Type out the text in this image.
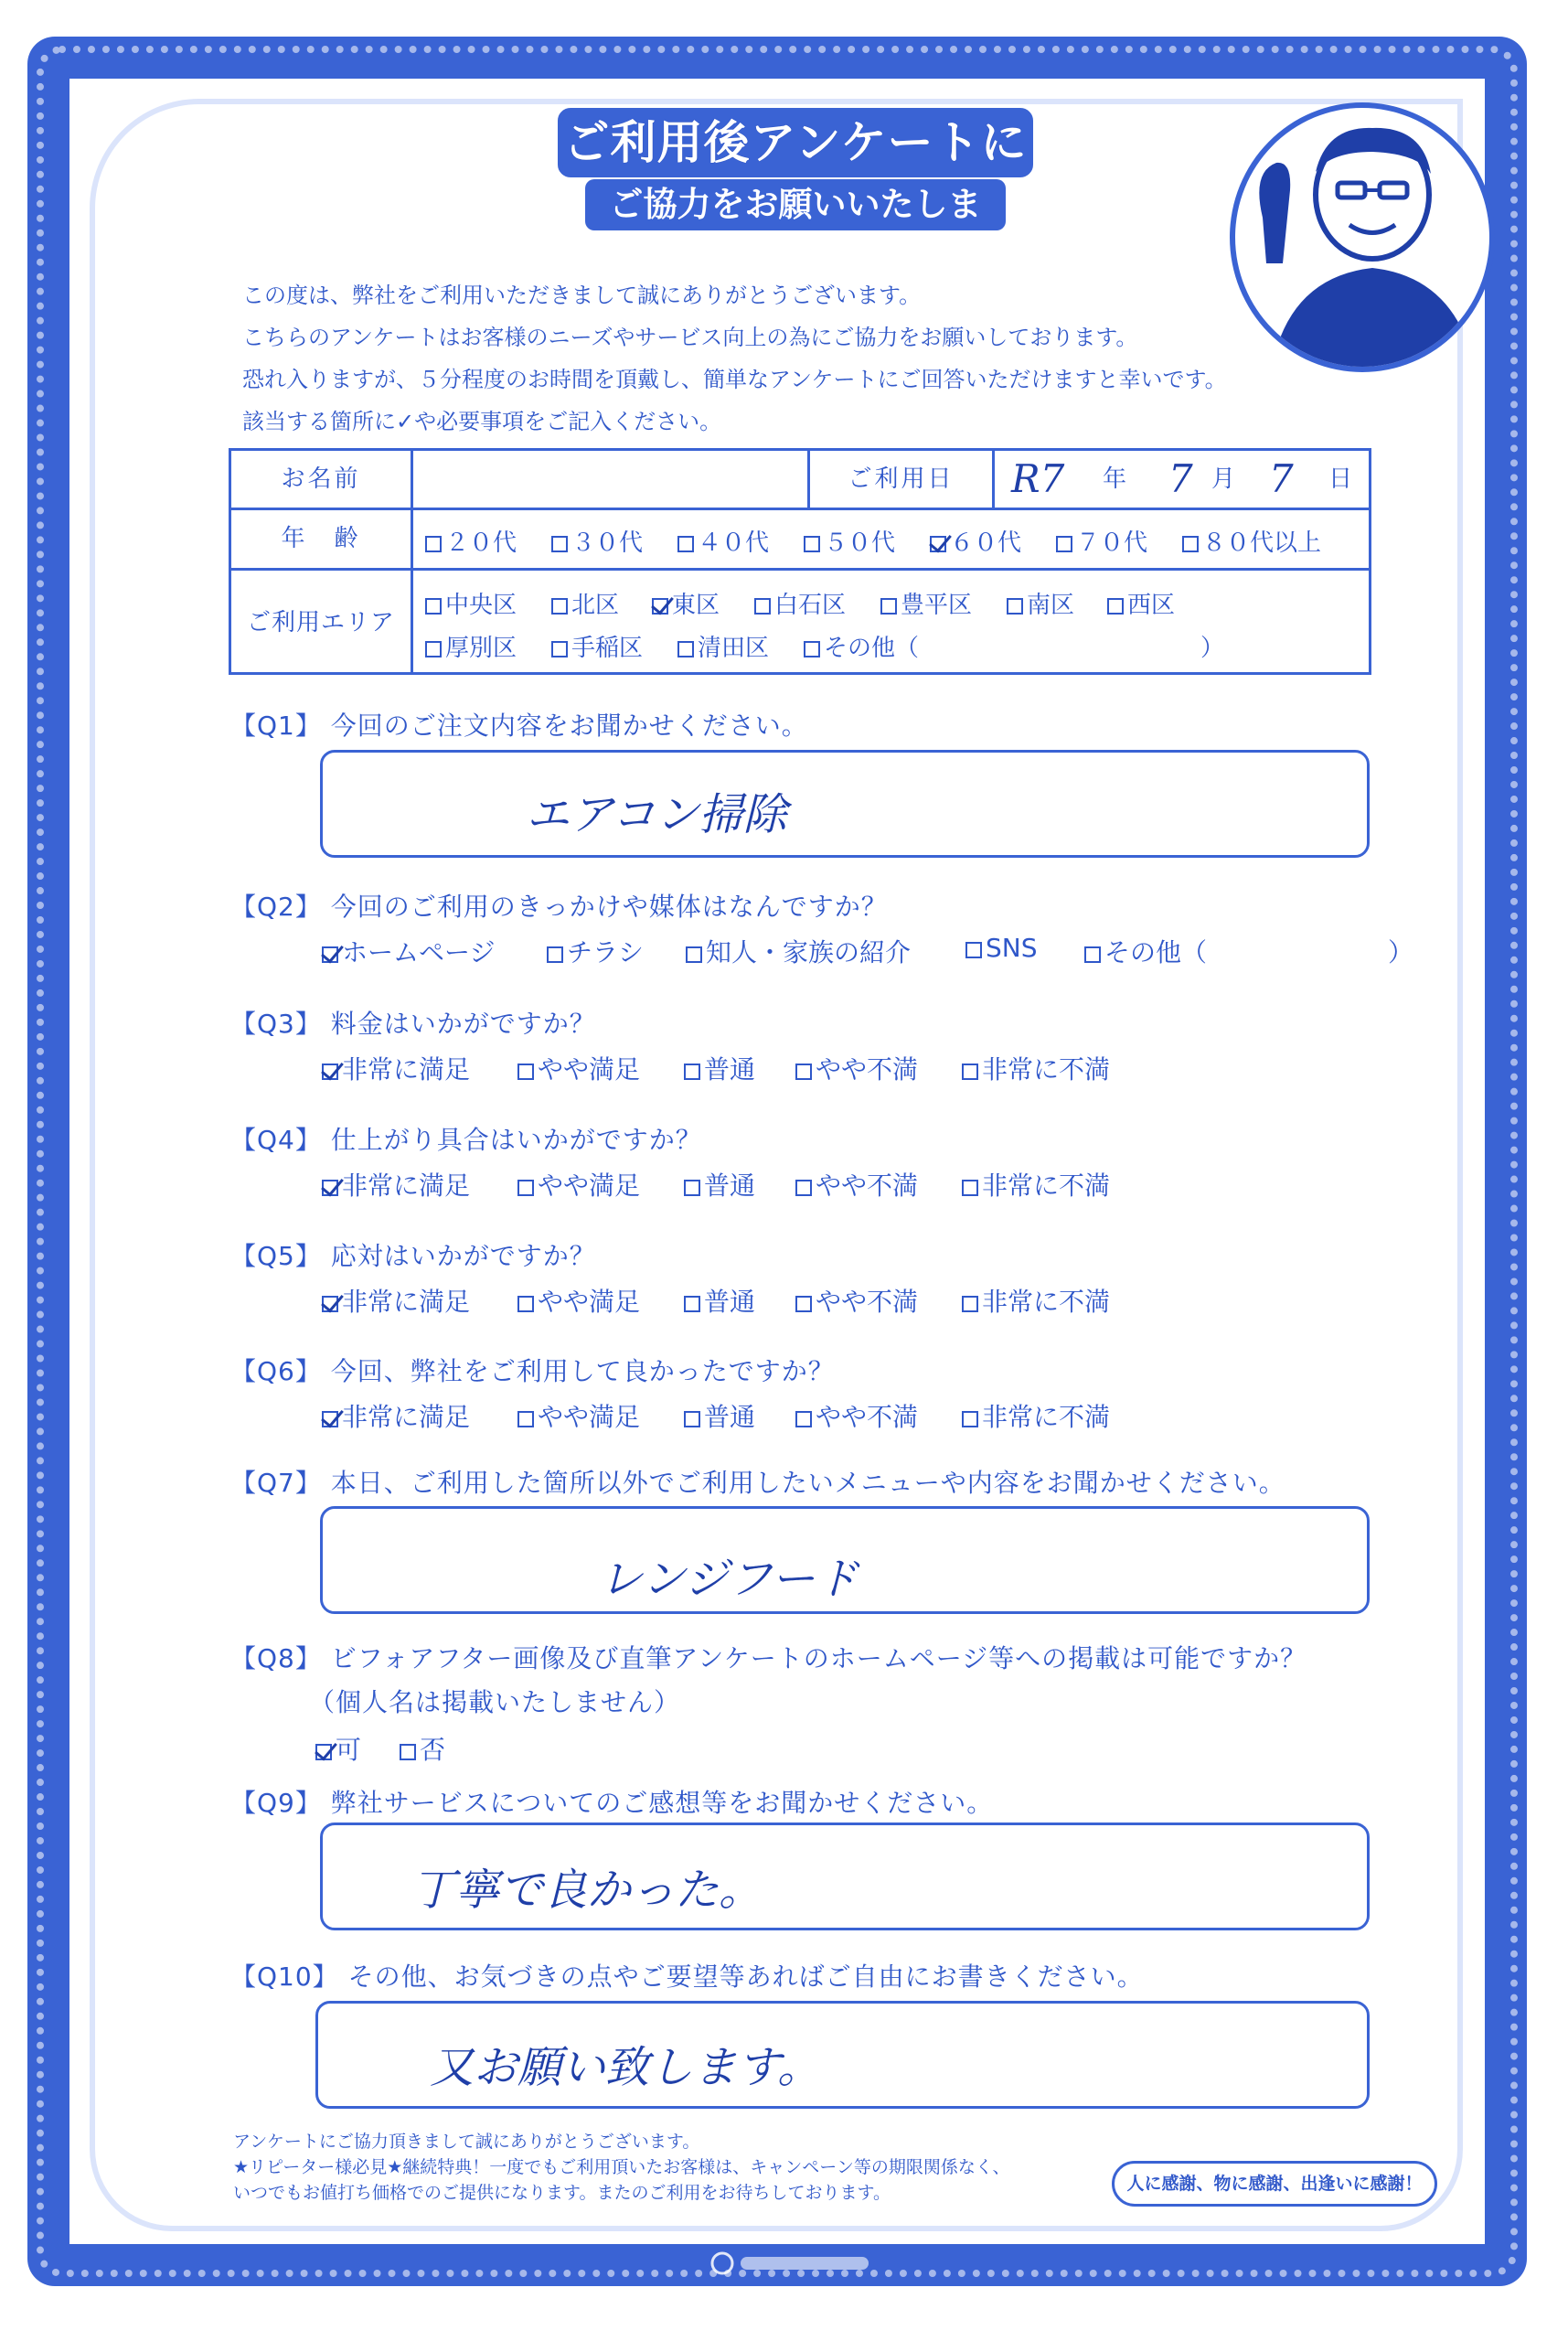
ご利用後アンケートに
ご協力をお願いいたします！
この度は、弊社をご利用いただきまして誠にありがとうございます。
こちらのアンケートはお客様のニーズやサービス向上の為にご協力をお願いしております。
恐れ入りますが、５分程度のお時間を頂戴し、簡単なアンケートにご回答いただけますと幸いです。
該当する箇所に✓や必要事項をご記入ください。
お名前	ご利用日	R7 年 7 月 7 日
年　齢	２０代	３０代	４０代	５０代	６０代	７０代	８０代以上
ご利用エリア
中央区	北区	東区	白石区	豊平区	南区	西区
厚別区	手稲区	清田区	その他（	）
【Q1】 今回のご注文内容をお聞かせください。
エアコン掃除
【Q2】 今回のご利用のきっかけや媒体はなんですか？
ホームページ	チラシ	知人・家族の紹介	SNS	その他（	）
【Q3】 料金はいかがですか？
非常に満足	やや満足	普通	やや不満	非常に不満
【Q4】 仕上がり具合はいかがですか？
非常に満足	やや満足	普通	やや不満	非常に不満
【Q5】 応対はいかがですか？
非常に満足	やや満足	普通	やや不満	非常に不満
【Q6】 今回、弊社をご利用して良かったですか？
非常に満足	やや満足	普通	やや不満	非常に不満
【Q7】 本日、ご利用した箇所以外でご利用したいメニューや内容をお聞かせください。
レンジフード
【Q8】 ビフォアフター画像及び直筆アンケートのホームページ等への掲載は可能ですか？
（個人名は掲載いたしません）
可	否
【Q9】 弊社サービスについてのご感想等をお聞かせください。
丁寧で良かった。
【Q10】 その他、お気づきの点やご要望等あればご自由にお書きください。
又お願い致します。
アンケートにご協力頂きまして誠にありがとうございます。
★リピーター様必見★継続特典！一度でもご利用頂いたお客様は、キャンペーン等の期限関係なく、
いつでもお値打ち価格でのご提供になります。またのご利用をお待ちしております。	人に感謝、物に感謝、出逢いに感謝！
